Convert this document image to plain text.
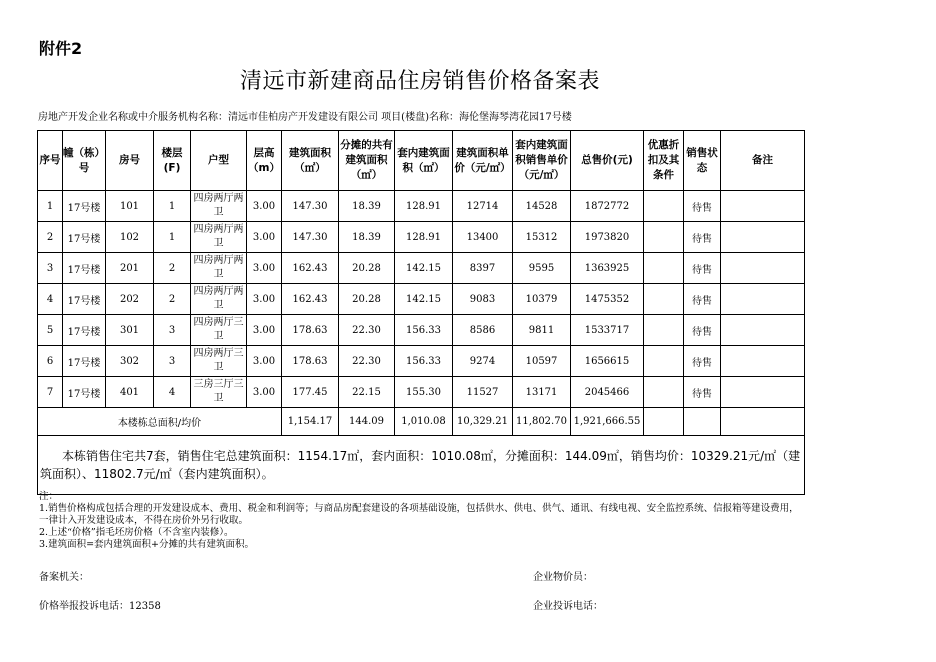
附件2
清远市新建商品住房销售价格备案表
房地产开发企业名称或中介服务机构名称：清远市佳柏房产开发建设有限公司 项目(楼盘)名称：海伦堡海琴湾花园17号楼
序号	幢（栋）号	房号	楼层(F)	户型	层高（m）	建筑面积（㎡）	分摊的共有建筑面积（㎡）	套内建筑面积（㎡）	建筑面积单价（元/㎡）	套内建筑面积销售单价（元/㎡）	总售价(元)	优惠折扣及其条件	销售状态	备注
1	17号楼	101	1	四房两厅两卫	3.00	147.30	18.39	128.91	12714	14528	1872772		待售	
2	17号楼	102	1	四房两厅两卫	3.00	147.30	18.39	128.91	13400	15312	1973820		待售	
3	17号楼	201	2	四房两厅两卫	3.00	162.43	20.28	142.15	8397	9595	1363925		待售	
4	17号楼	202	2	四房两厅两卫	3.00	162.43	20.28	142.15	9083	10379	1475352		待售	
5	17号楼	301	3	四房两厅三卫	3.00	178.63	22.30	156.33	8586	9811	1533717		待售	
6	17号楼	302	3	四房两厅三卫	3.00	178.63	22.30	156.33	9274	10597	1656615		待售	
7	17号楼	401	4	三房三厅三卫	3.00	177.45	22.15	155.30	11527	13171	2045466		待售	
本楼栋总面积/均价						1,154.17	144.09	1,010.08	10,329.21	11,802.70	1,921,666.55			
本栋销售住宅共7套，销售住宅总建筑面积：1154.17㎡，套内面积：1010.08㎡，分摊面积：144.09㎡，销售均价：10329.21元/㎡（建筑面积）、11802.7元/㎡（套内建筑面积）。														
注：
1.销售价格构成包括合理的开发建设成本、费用、税金和利润等；与商品房配套建设的各项基础设施，包括供水、供电、供气、通讯、有线电视、安全监控系统、信报箱等建设费用，一律计入开发建设成本，不得在房价外另行收取。
2.上述“价格”指毛坯房价格（不含室内装修）。
3.建筑面积=套内建筑面积+分摊的共有建筑面积。
备案机关：	企业物价员：
价格举报投诉电话：12358	企业投诉电话：
